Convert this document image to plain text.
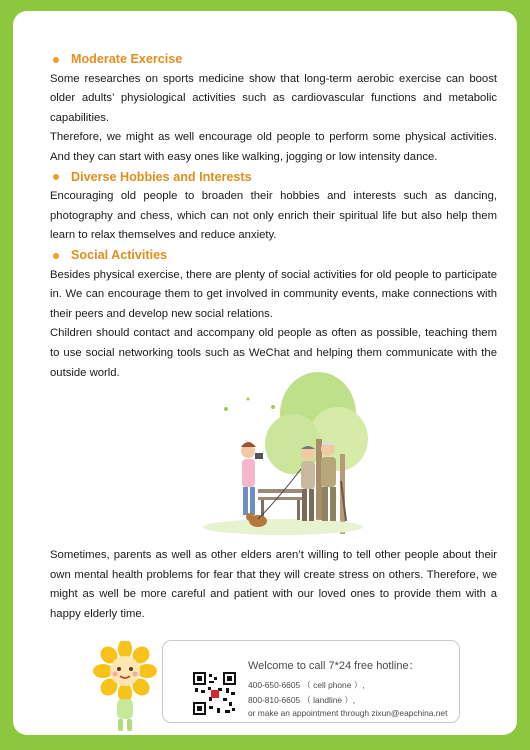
Moderate Exercise

Some researches on sports medicine show that long-term aerobic exercise can boost older adults’ physiological activities such as cardiovascular functions and metabolic capabilities.

Therefore, we might as well encourage old people to perform some physical activities. And they can start with easy ones like walking, jogging or low intensity dance.

Diverse Hobbies and Interests

Encouraging old people to broaden their hobbies and interests such as dancing, photography and chess, which can not only enrich their spiritual life but also help them learn to relax themselves and reduce anxiety.

Social Activities

Besides physical exercise, there are plenty of social activities for old people to participate in. We can encourage them to get involved in community events, make connections with their peers and develop new social relations.

Children should contact and accompany old people as often as possible, teaching them to use social networking tools such as WeChat and helping them communicate with the outside world.

Sometimes, parents as well as other elders aren’t willing to tell other people about their own mental health problems for fear that they will create stress on others. Therefore, we might as well be more careful and patient with our loved ones to provide them with a happy elderly time.

Welcome to call 7*24 free hotline：
400-650-6605 （ cell phone ）,
800-810-6605 （ landline ）,
or make an appointment through zixun@eapchina.net
